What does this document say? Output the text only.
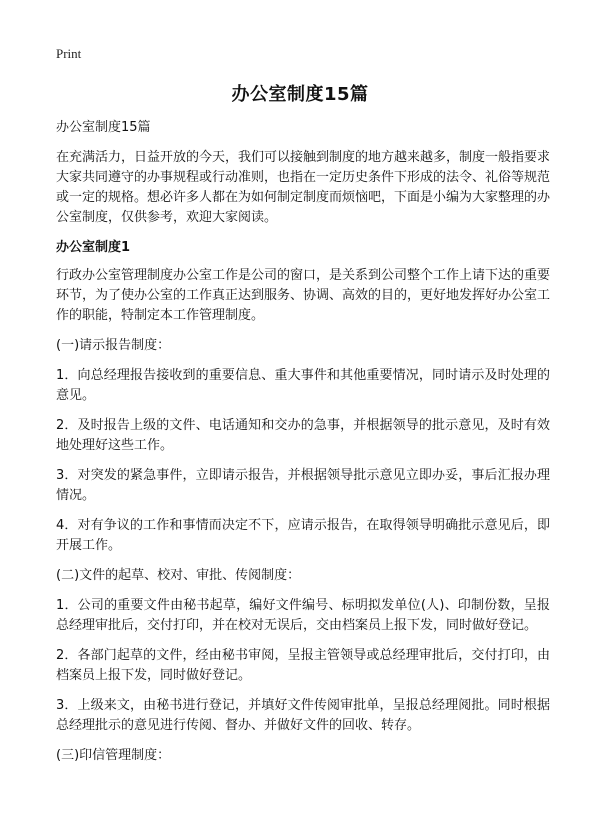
Print
办公室制度15篇
办公室制度15篇

在充满活力，日益开放的今天，我们可以接触到制度的地方越来越多，制度一般指要求大家共同遵守的办事规程或行动准则，也指在一定历史条件下形成的法令、礼俗等规范或一定的规格。想必许多人都在为如何制定制度而烦恼吧，下面是小编为大家整理的办公室制度，仅供参考，欢迎大家阅读。

办公室制度1

行政办公室管理制度办公室工作是公司的窗口，是关系到公司整个工作上请下达的重要环节，为了使办公室的工作真正达到服务、协调、高效的目的，更好地发挥好办公室工作的职能，特制定本工作管理制度。

(一)请示报告制度：

1．向总经理报告接收到的重要信息、重大事件和其他重要情况，同时请示及时处理的意见。

2．及时报告上级的文件、电话通知和交办的急事，并根据领导的批示意见，及时有效地处理好这些工作。

3．对突发的紧急事件，立即请示报告，并根据领导批示意见立即办妥，事后汇报办理情况。

4．对有争议的工作和事情而决定不下，应请示报告，在取得领导明确批示意见后，即开展工作。

(二)文件的起草、校对、审批、传阅制度：

1．公司的重要文件由秘书起草，编好文件编号、标明拟发单位(人)、印制份数，呈报总经理审批后，交付打印，并在校对无误后，交由档案员上报下发，同时做好登记。

2．各部门起草的文件，经由秘书审阅，呈报主管领导或总经理审批后，交付打印，由档案员上报下发，同时做好登记。

3．上级来文，由秘书进行登记，并填好文件传阅审批单，呈报总经理阅批。同时根据总经理批示的意见进行传阅、督办、并做好文件的回收、转存。

(三)印信管理制度：
